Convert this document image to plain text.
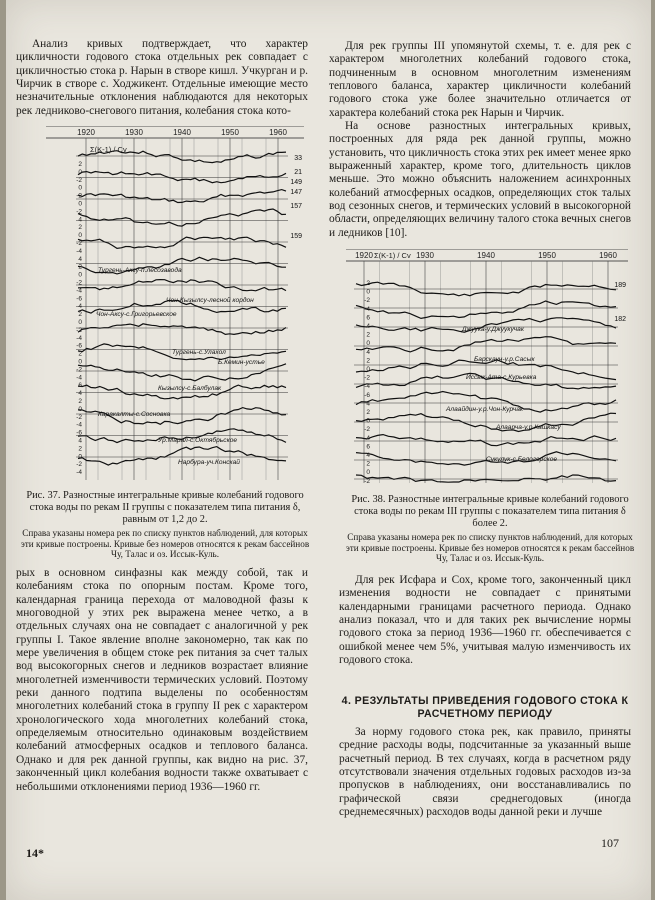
Анализ кривых подтверждает, что характер цикличности годового стока отдельных рек совпадает с цикличностью стока р. Нарын в створе кишл. Учкурган и р. Чирчик в створе с. Ходжикент. Отдельные имеющие место незначительные отклонения наблюдаются для некоторых рек ледниково-снегового питания, колебания стока кото-

Для рек группы III упомянутой схемы, т. е. для рек с характером многолетних колебаний годового стока, подчиненным в основном многолетним изменениям теплового баланса, характер цикличности колебаний годового стока уже более значительно отличается от характера колебаний стока рек Нарын и Чирчик.

На основе разностных интегральных кривых, построенных для ряда рек данной группы, можно установить, что цикличность стока этих рек имеет менее ярко выраженный характер, кроме того, длительность циклов меньше. Это можно объяснить наложением асинхронных колебаний атмосферных осадков, определяющих сток талых вод сезонных снегов, и термических условий в высокогорной области, определяющих величину талого стока вечных снегов и ледников [10].

1920	1930	1940	1950	1960
Σ(K-1) / Cv
2
0
-2
0
-2
0
-2
4
2
0
-2
-4
4
2
0
-2
-4
-6
4
2
0
-2
-4
-6
2
0
-2
-4
6
4
2
0
-2
-4
-6
4
2
0
-2
-4
Тургень-Аксу-п.лесозавода
Чон-Кызылсу-лесной кордон
Чон-Аксу-с.Григорьевское
Тургень-с.Улахол
Б.Кемин-устье
Кызылсу-с.Балбулак
Каракалты-с.Сосновка
Ур.Марал-с.Октябрьское
Нарбура-уч.Конскай
33
21
149
147
157
159
Рис. 37. Разностные интегральные кривые колебаний годового стока воды по рекам II группы с показателем типа питания δ, равным от 1,2 до 2.
Справа указаны номера рек по списку пунктов наблюдений, для которых эти кривые построены. Кривые без номеров относятся к рекам бассейнов Чу, Талас и оз. Иссык-Куль.
1920	1930	1940	1950	1960
Σ(K-1) / Cv
2
0
-2
-4
6
4
2
0
4
2
0
-2
-4
-6
4
2
0
-2
-4
6
4
2
0
-2
Джуука-у.Джуукучак
Барскаун-у.р.Сасык
Иссык-Ата-с.Курьевка
Алаайдин-у.р.Чон-Курчак
Алаарча-у.р.Кашкасу
Сукулук-с.Белогорское
189
182
Рис. 38. Разностные интегральные кривые колебаний годового стока воды по рекам III группы с показателем типа питания δ более 2.
Справа указаны номера рек по списку пунктов наблюдений, для которых эти кривые построены. Кривые без номеров относятся к рекам бассейнов Чу, Талас и оз. Иссык-Куль.

рых в основном синфазны как между собой, так и колебаниям стока по опорным постам. Кроме того, календарная граница перехода от маловодной фазы к многоводной у этих рек выражена менее четко, а в отдельных случаях она не совпадает с аналогичной у рек группы I. Такое явление вполне закономерно, так как по мере увеличения в общем стоке рек питания за счет талых вод высокогорных снегов и ледников возрастает влияние многолетней изменчивости термических условий. Поэтому реки данного подтипа выделены по особенностям многолетних колебаний стока в группу II рек с характером хронологического хода многолетних колебаний стока, определяемым относительно одинаковым воздействием колебаний атмосферных осадков и теплового баланса. Однако и для рек данной группы, как видно на рис. 37, законченный цикл колебания водности также охватывает с небольшими отклонениями период 1936—1960 гг.

Для рек Исфара и Сох, кроме того, законченный цикл изменения водности не совпадает с принятыми календарными границами расчетного периода. Однако анализ показал, что и для таких рек вычисление нормы годового стока за период 1936—1960 гг. обеспечивается с ошибкой менее чем 5%, учитывая малую изменчивость их годового стока.

4. РЕЗУЛЬТАТЫ ПРИВЕДЕНИЯ ГОДОВОГО СТОКА К РАСЧЕТНОМУ ПЕРИОДУ

За норму годового стока рек, как правило, приняты средние расходы воды, подсчитанные за указанный выше расчетный период. В тех случаях, когда в расчетном ряду отсутствовали значения отдельных годовых расходов из-за пропусков в наблюдениях, они восстанавливались по графической связи среднегодовых (иногда среднемесячных) расходов воды данной реки и лучше

14*
107
